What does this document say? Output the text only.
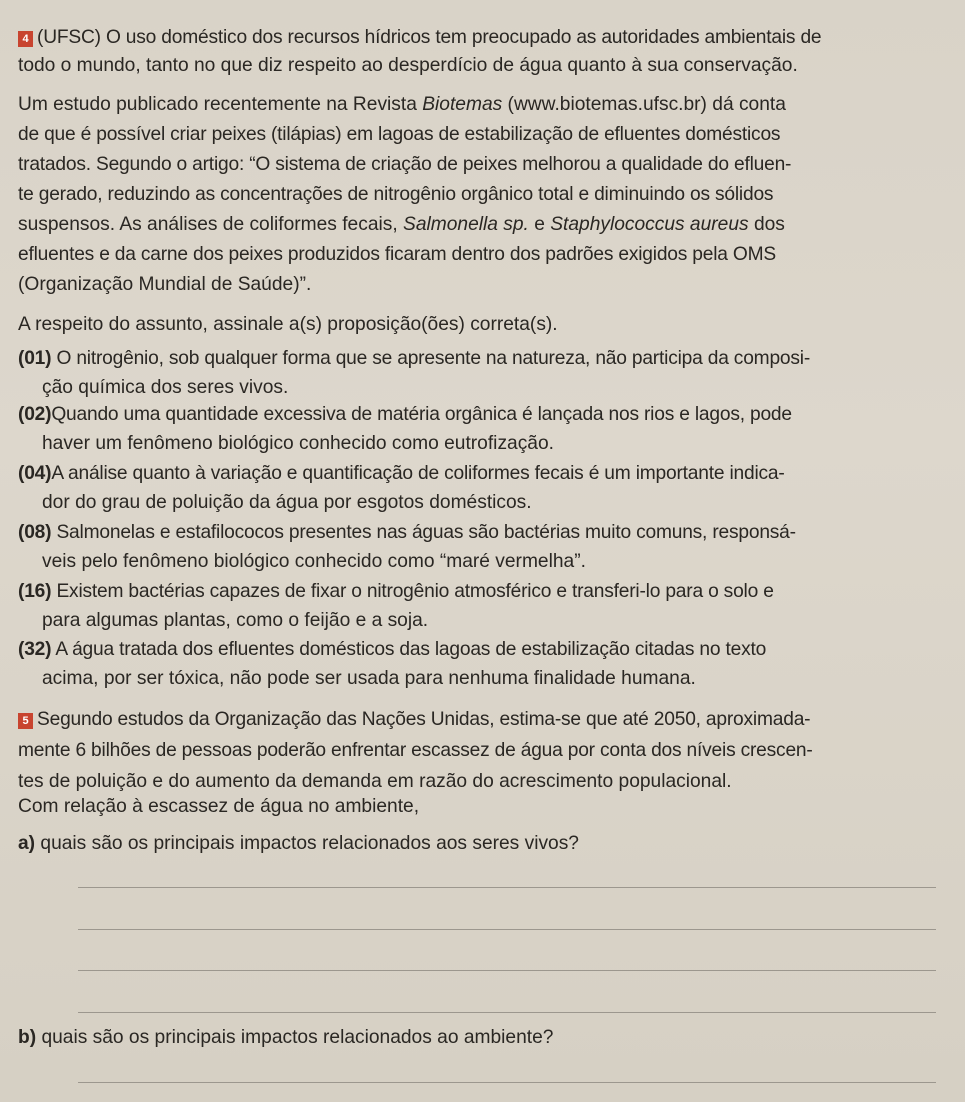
4 (UFSC) O uso doméstico dos recursos hídricos tem preocupado as autoridades ambientais de
todo o mundo, tanto no que diz respeito ao desperdício de água quanto à sua conservação.
Um estudo publicado recentemente na Revista Biotemas (www.biotemas.ufsc.br) dá conta
de que é possível criar peixes (tilápias) em lagoas de estabilização de efluentes domésticos
tratados. Segundo o artigo: “O sistema de criação de peixes melhorou a qualidade do efluen-
te gerado, reduzindo as concentrações de nitrogênio orgânico total e diminuindo os sólidos
suspensos. As análises de coliformes fecais, Salmonella sp. e Staphylococcus aureus dos
efluentes e da carne dos peixes produzidos ficaram dentro dos padrões exigidos pela OMS
(Organização Mundial de Saúde)”.
A respeito do assunto, assinale a(s) proposição(ões) correta(s).
(01) O nitrogênio, sob qualquer forma que se apresente na natureza, não participa da composi-
ção química dos seres vivos.
(02)Quando uma quantidade excessiva de matéria orgânica é lançada nos rios e lagos, pode
haver um fenômeno biológico conhecido como eutrofização.
(04)A análise quanto à variação e quantificação de coliformes fecais é um importante indica-
dor do grau de poluição da água por esgotos domésticos.
(08) Salmonelas e estafilococos presentes nas águas são bactérias muito comuns, responsá-
veis pelo fenômeno biológico conhecido como “maré vermelha”.
(16) Existem bactérias capazes de fixar o nitrogênio atmosférico e transferi-lo para o solo e
para algumas plantas, como o feijão e a soja.
(32) A água tratada dos efluentes domésticos das lagoas de estabilização citadas no texto
acima, por ser tóxica, não pode ser usada para nenhuma finalidade humana.
5 Segundo estudos da Organização das Nações Unidas, estima-se que até 2050, aproximada-
mente 6 bilhões de pessoas poderão enfrentar escassez de água por conta dos níveis crescen-
tes de poluição e do aumento da demanda em razão do acrescimento populacional.
Com relação à escassez de água no ambiente,
a) quais são os principais impactos relacionados aos seres vivos?
b) quais são os principais impactos relacionados ao ambiente?
